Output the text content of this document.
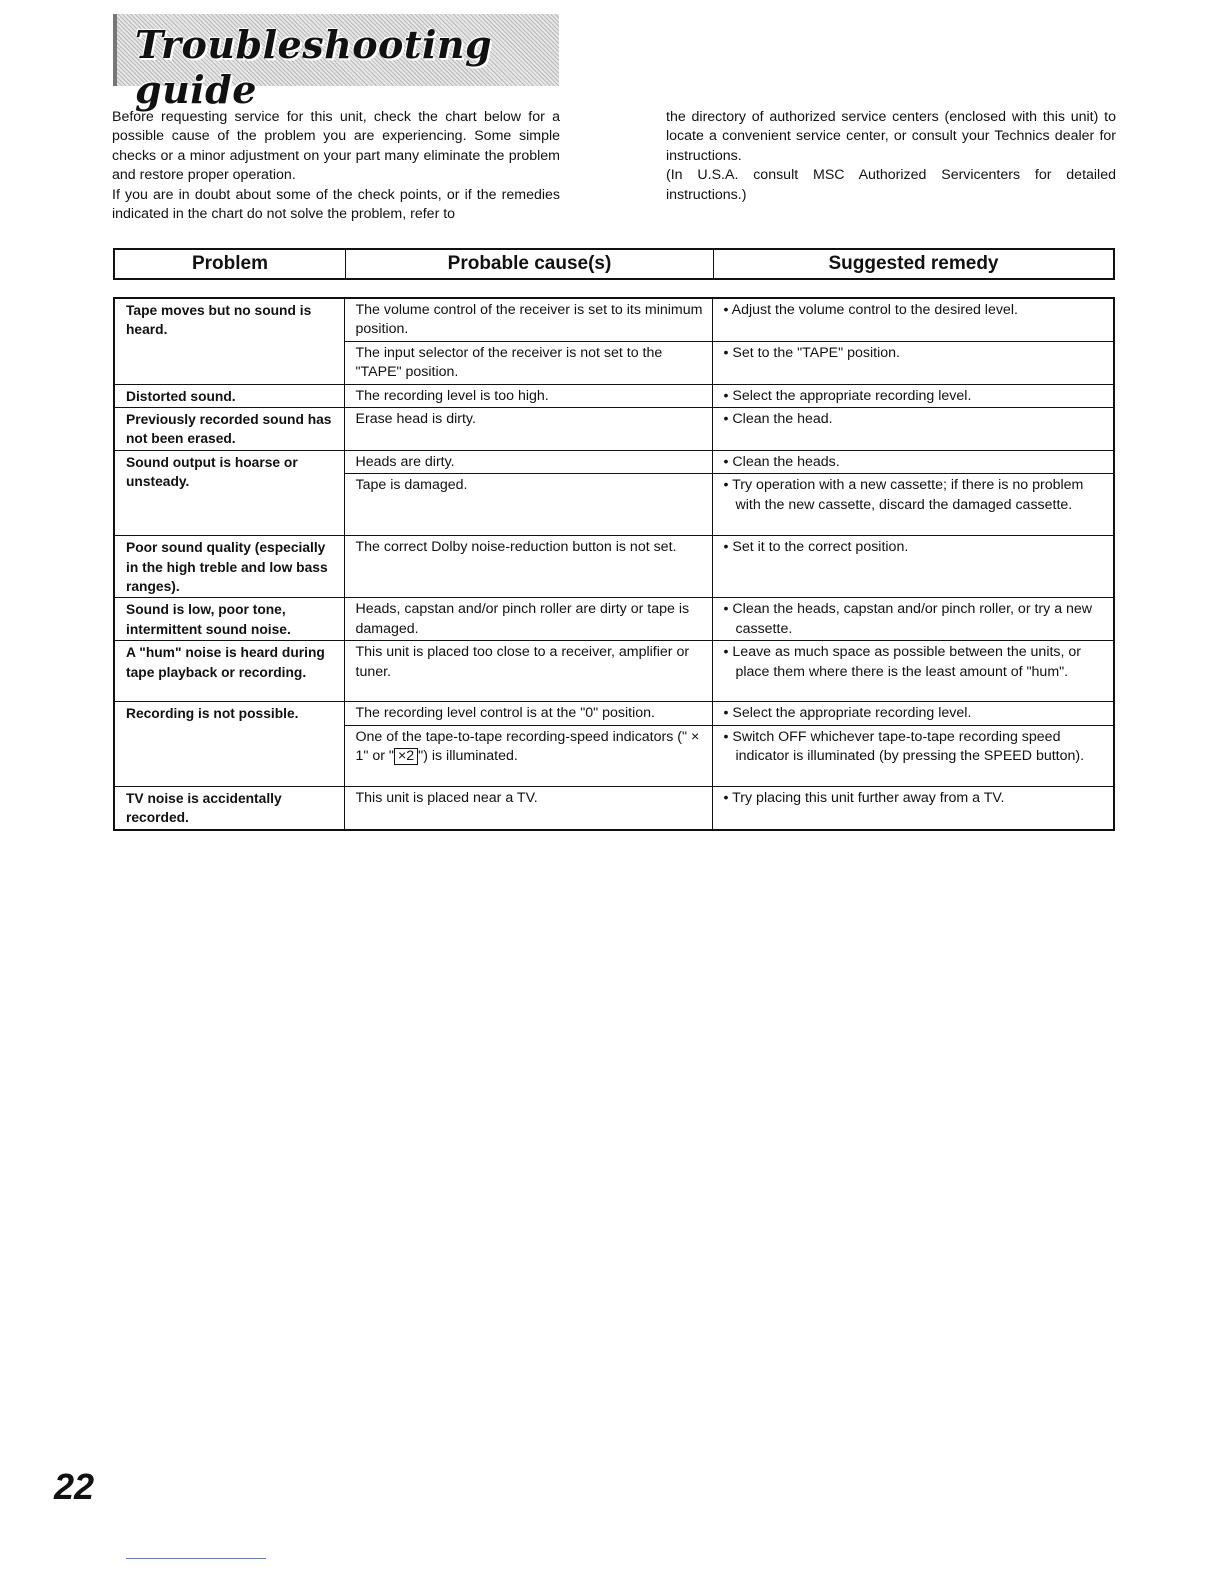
Troubleshooting guide

Before requesting service for this unit, check the chart below for a possible cause of the problem you are experiencing. Some simple checks or a minor adjustment on your part many eliminate the problem and restore proper operation.

If you are in doubt about some of the check points, or if the remedies indicated in the chart do not solve the problem, refer to

the directory of authorized service centers (enclosed with this unit) to locate a convenient service center, or consult your Technics dealer for instructions.

(In U.S.A. consult MSC Authorized Servicenters for detailed instructions.)

Problem	Probable cause(s)	Suggested remedy
Tape moves but no sound is heard.	The volume control of the receiver is set to its minimum position.	• Adjust the volume control to the desired level.

	The input selector of the receiver is not set to the "TAPE" position.	• Set to the "TAPE" position.

Distorted sound.	The recording level is too high.	• Select the appropriate recording level.

Previously recorded sound has not been erased.	Erase head is dirty.	• Clean the head.

Sound output is hoarse or unsteady.	Heads are dirty.	• Clean the heads.

	Tape is damaged.	• Try operation with a new cassette; if there is no problem with the new cassette, discard the damaged cassette.

Poor sound quality (especially in the high treble and low bass ranges).	The correct Dolby noise-reduction button is not set.	• Set it to the correct position.

Sound is low, poor tone, intermittent sound noise.	Heads, capstan and/or pinch roller are dirty or tape is damaged.	• Clean the heads, capstan and/or pinch roller, or try a new cassette.

A "hum" noise is heard during tape playback or recording.	This unit is placed too close to a receiver, amplifier or tuner.	• Leave as much space as possible between the units, or place them where there is the least amount of "hum".

Recording is not possible.	The recording level control is at the "0" position.	• Select the appropriate recording level.

	One of the tape-to-tape recording-speed indicators (" × 1" or " ×2 ") is illuminated.	• Switch OFF whichever tape-to-tape recording speed indicator is illuminated (by pressing the SPEED button).

TV noise is accidentally recorded.	This unit is placed near a TV.	• Try placing this unit further away from a TV.
22
